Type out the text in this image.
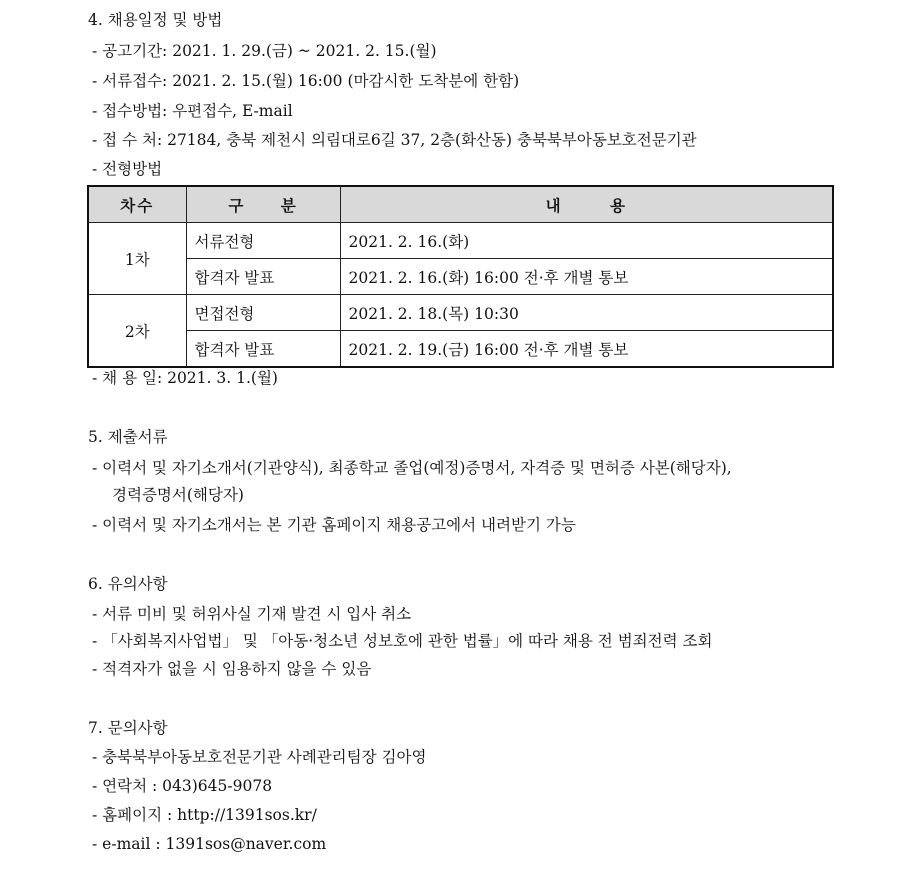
4. 채용일정 및 방법
- 공고기간: 2021. 1. 29.(금) ~ 2021. 2. 15.(월)
- 서류접수: 2021. 2. 15.(월) 16:00 (마감시한 도착분에 한함)
- 접수방법: 우편접수, E-mail
- 접 수 처: 27184, 충북 제천시 의림대로6길 37, 2층(화산동) 충북북부아동보호전문기관
- 전형방법
차수	구 분	내 용
1차	서류전형	2021. 2. 16.(화)
	합격자 발표	2021. 2. 16.(화) 16:00 전·후 개별 통보
2차	면접전형	2021. 2. 18.(목) 10:30
	합격자 발표	2021. 2. 19.(금) 16:00 전·후 개별 통보
- 채 용 일: 2021. 3. 1.(월)
5. 제출서류
- 이력서 및 자기소개서(기관양식), 최종학교 졸업(예정)증명서, 자격증 및 면허증 사본(해당자),
경력증명서(해당자)
- 이력서 및 자기소개서는 본 기관 홈페이지 채용공고에서 내려받기 가능
6. 유의사항
- 서류 미비 및 허위사실 기재 발견 시 입사 취소
- 「사회복지사업법」 및 「아동·청소년 성보호에 관한 법률」에 따라 채용 전 범죄전력 조회
- 적격자가 없을 시 임용하지 않을 수 있음
7. 문의사항
- 충북북부아동보호전문기관 사례관리팀장 김아영
- 연락처 : 043)645-9078
- 홈페이지 : http://1391sos.kr/
- e-mail : 1391sos@naver.com
